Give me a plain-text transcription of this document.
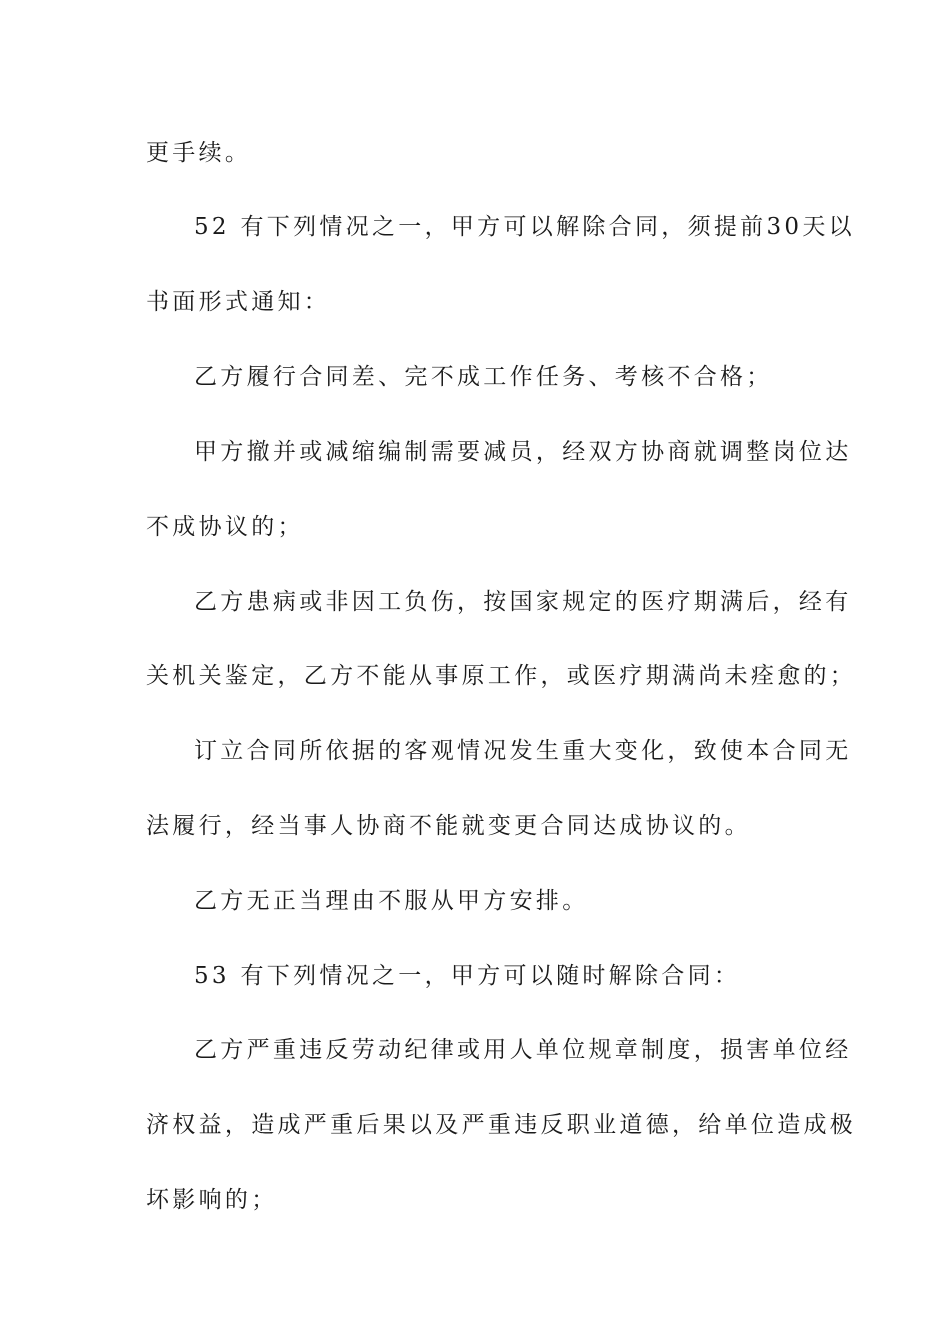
更手续。
52 有下列情况之一，甲方可以解除合同，须提前30天以
书面形式通知：
乙方履行合同差、完不成工作任务、考核不合格；
甲方撤并或减缩编制需要减员，经双方协商就调整岗位达
不成协议的；
乙方患病或非因工负伤，按国家规定的医疗期满后，经有
关机关鉴定，乙方不能从事原工作，或医疗期满尚未痊愈的；
订立合同所依据的客观情况发生重大变化，致使本合同无
法履行，经当事人协商不能就变更合同达成协议的。
乙方无正当理由不服从甲方安排。
53 有下列情况之一，甲方可以随时解除合同：
乙方严重违反劳动纪律或用人单位规章制度，损害单位经
济权益，造成严重后果以及严重违反职业道德，给单位造成极
坏影响的；
